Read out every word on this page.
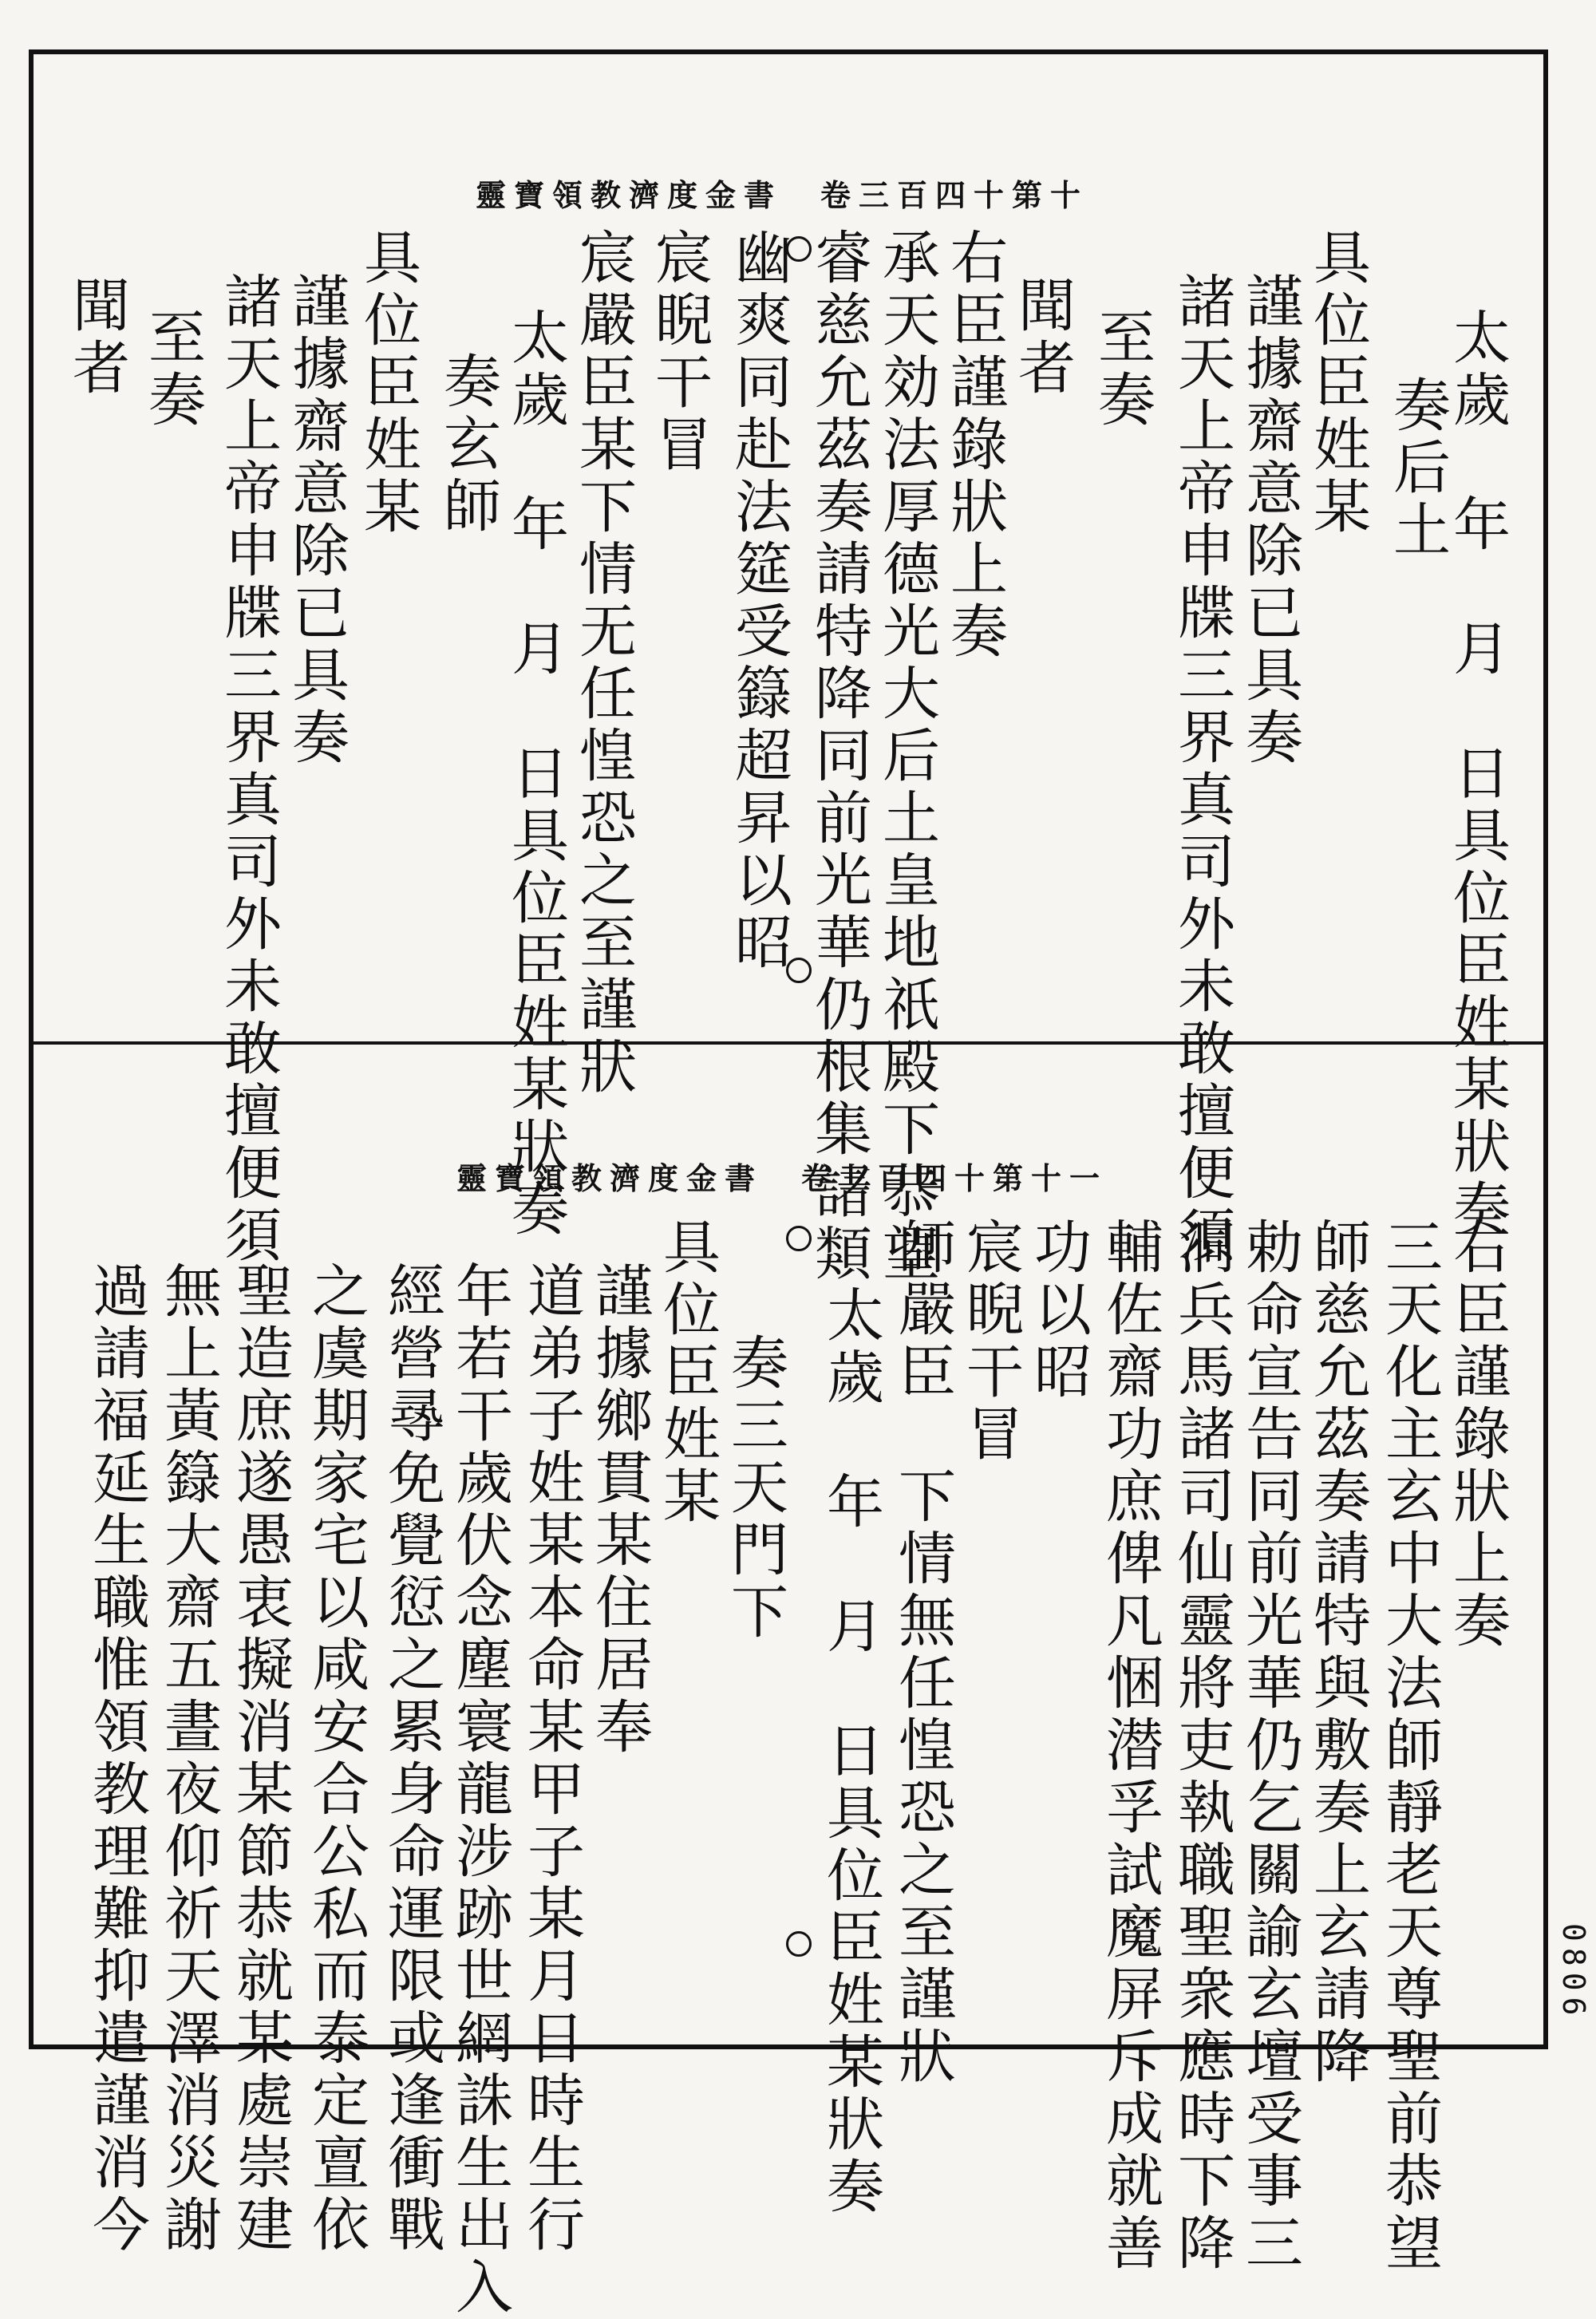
靈寶領教濟度金書　卷三百四十第十
靈寶領教濟度金書　卷三百四十第十一	太歲　年　月　日具位臣姓某狀奏
奏后土
具位臣姓某
謹據齋意除已具奏
諸天上帝申牒三界真司外未敢擅便須
至奏
聞者
右臣謹錄狀上奏
承天効法厚德光大后土皇地祇殿下恭望
睿慈允茲奏請特降同前光華仍根集諸類
幽爽同赴法筵受籙超昇以昭
宸睨干冒
宸嚴臣某下情无任惶恐之至謹狀
太歲　年　月　日具位臣姓某狀奏
奏玄師
具位臣姓某
謹據齋意除已具奏
諸天上帝申牒三界真司外未敢擅便須
至奏
聞者
右臣謹錄狀上奏
三天化主玄中大法師靜老天尊聖前恭望
師慈允茲奏請特與敷奏上玄請降
勅命宣告同前光華仍乞關諭玄壇受事三
洞兵馬諸司仙靈將吏執職聖衆應時下降
輔佐齋功庶俾凡悃潜孚試魔屏斥成就善
功以昭
宸睨干冒
師嚴臣　下情無任惶恐之至謹狀
太歲　年　月　日具位臣姓某狀奏
奏三天門下
具位臣姓某
謹據鄉貫某住居奉
道弟子姓某本命某甲子某月日時生行
年若干歲伏念塵寰龍涉跡世網誅生出入
經營㝷免覺愆之累身命運限或逢衝戰
之虞期家宅以咸安合公私而泰定亶依
聖造庶遂愚衷擬消某節恭就某處崇建
無上黃籙大齋五晝夜仰祈天澤消災謝
過請福延生職惟領教理難抑遣謹消今	0806
